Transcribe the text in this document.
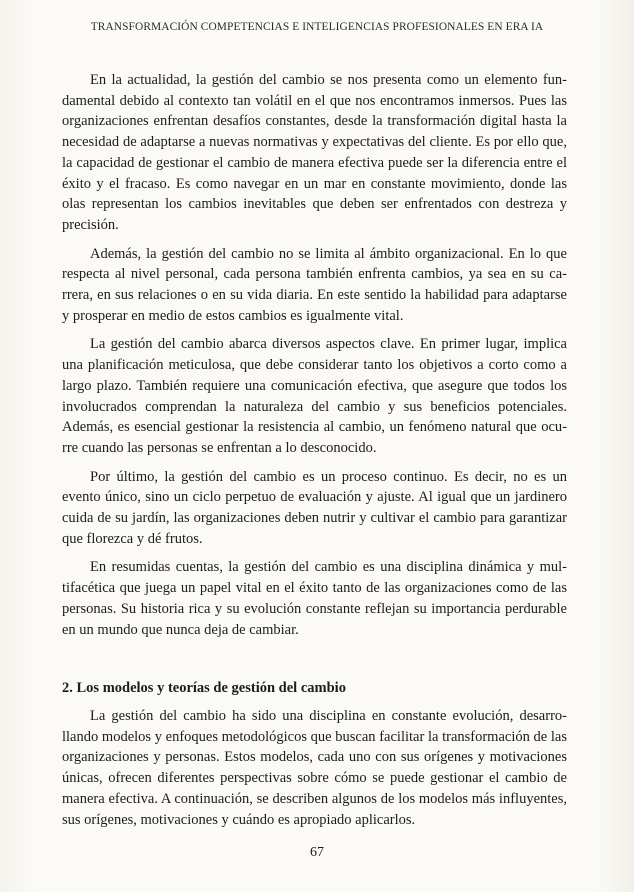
TRANSFORMACIÓN COMPETENCIAS E INTELIGENCIAS PROFESIONALES EN ERA IA

En la actualidad, la gestión del cambio se nos presenta como un elemento fundamental debido al contexto tan volátil en el que nos encontramos inmersos. Pues las organizaciones enfrentan desafíos constantes, desde la transformación digital hasta la necesidad de adaptarse a nuevas normativas y expectativas del cliente. Es por ello que, la capacidad de gestionar el cambio de manera efectiva puede ser la diferencia entre el éxito y el fracaso. Es como navegar en un mar en constante movimiento, donde las olas representan los cambios inevitables que deben ser enfrentados con destreza y precisión.

Además, la gestión del cambio no se limita al ámbito organizacional. En lo que respecta al nivel personal, cada persona también enfrenta cambios, ya sea en su carrera, en sus relaciones o en su vida diaria. En este sentido la habilidad para adaptarse y prosperar en medio de estos cambios es igualmente vital.

La gestión del cambio abarca diversos aspectos clave. En primer lugar, implica una planificación meticulosa, que debe considerar tanto los objetivos a corto como a largo plazo. También requiere una comunicación efectiva, que asegure que todos los involucrados comprendan la naturaleza del cambio y sus beneficios potenciales. Además, es esencial gestionar la resistencia al cambio, un fenómeno natural que ocurre cuando las personas se enfrentan a lo desconocido.

Por último, la gestión del cambio es un proceso continuo. Es decir, no es un evento único, sino un ciclo perpetuo de evaluación y ajuste. Al igual que un jardinero cuida de su jardín, las organizaciones deben nutrir y cultivar el cambio para garantizar que florezca y dé frutos.

En resumidas cuentas, la gestión del cambio es una disciplina dinámica y multifacética que juega un papel vital en el éxito tanto de las organizaciones como de las personas. Su historia rica y su evolución constante reflejan su importancia perdurable en un mundo que nunca deja de cambiar.

2. Los modelos y teorías de gestión del cambio

La gestión del cambio ha sido una disciplina en constante evolución, desarrollando modelos y enfoques metodológicos que buscan facilitar la transformación de las organizaciones y personas. Estos modelos, cada uno con sus orígenes y motivaciones únicas, ofrecen diferentes perspectivas sobre cómo se puede gestionar el cambio de manera efectiva. A continuación, se describen algunos de los modelos más influyentes, sus orígenes, motivaciones y cuándo es apropiado aplicarlos.

67
